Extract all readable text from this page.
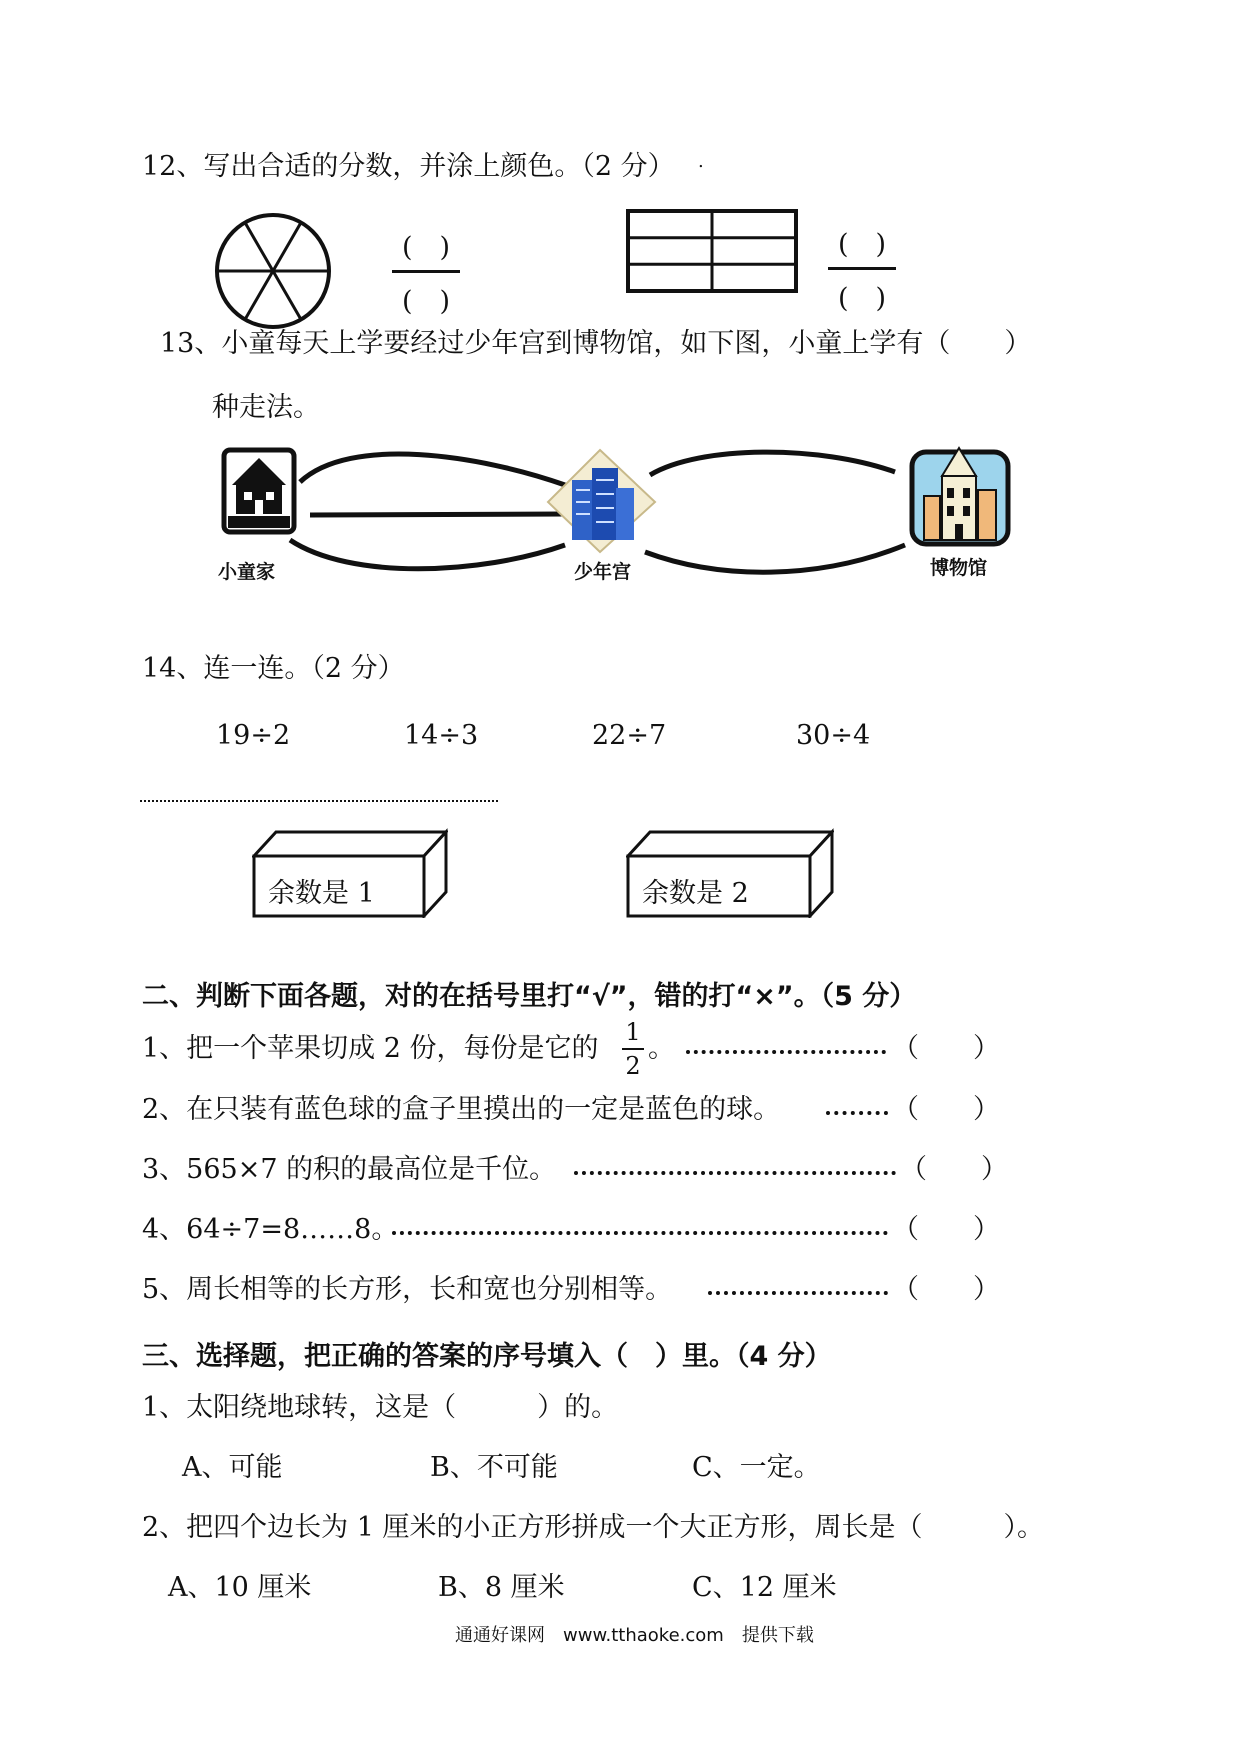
12、写出合适的分数，并涂上颜色。（2 分） .
(　)
(　)
(　)
(　)
13、小童每天上学要经过少年宫到博物馆，如下图，小童上学有（　　）
种走法。
小童家	少年宫	博物馆
14、连一连。（2 分）
19÷2	14÷3	22÷7	30÷4
余数是 1	余数是 2
二、判断下面各题，对的在括号里打“√”，错的打“×”。（5 分）
1、把一个苹果切成 2 份，每份是它的
1
2
。	（　　）
2、在只装有蓝色球的盒子里摸出的一定是蓝色的球。	（　　）
3、565×7 的积的最高位是千位。	（　　）
4、64÷7=8……8。	（　　）
5、周长相等的长方形，长和宽也分别相等。	（　　）
三、选择题，把正确的答案的序号填入（　）里。（4 分）
1、太阳绕地球转，这是（　　　）的。
A、可能	B、不可能	C、一定。
2、把四个边长为 1 厘米的小正方形拼成一个大正方形，周长是（　　　）。
A、10 厘米	B、8 厘米	C、12 厘米
通通好课网　www.tthaoke.com　提供下载
